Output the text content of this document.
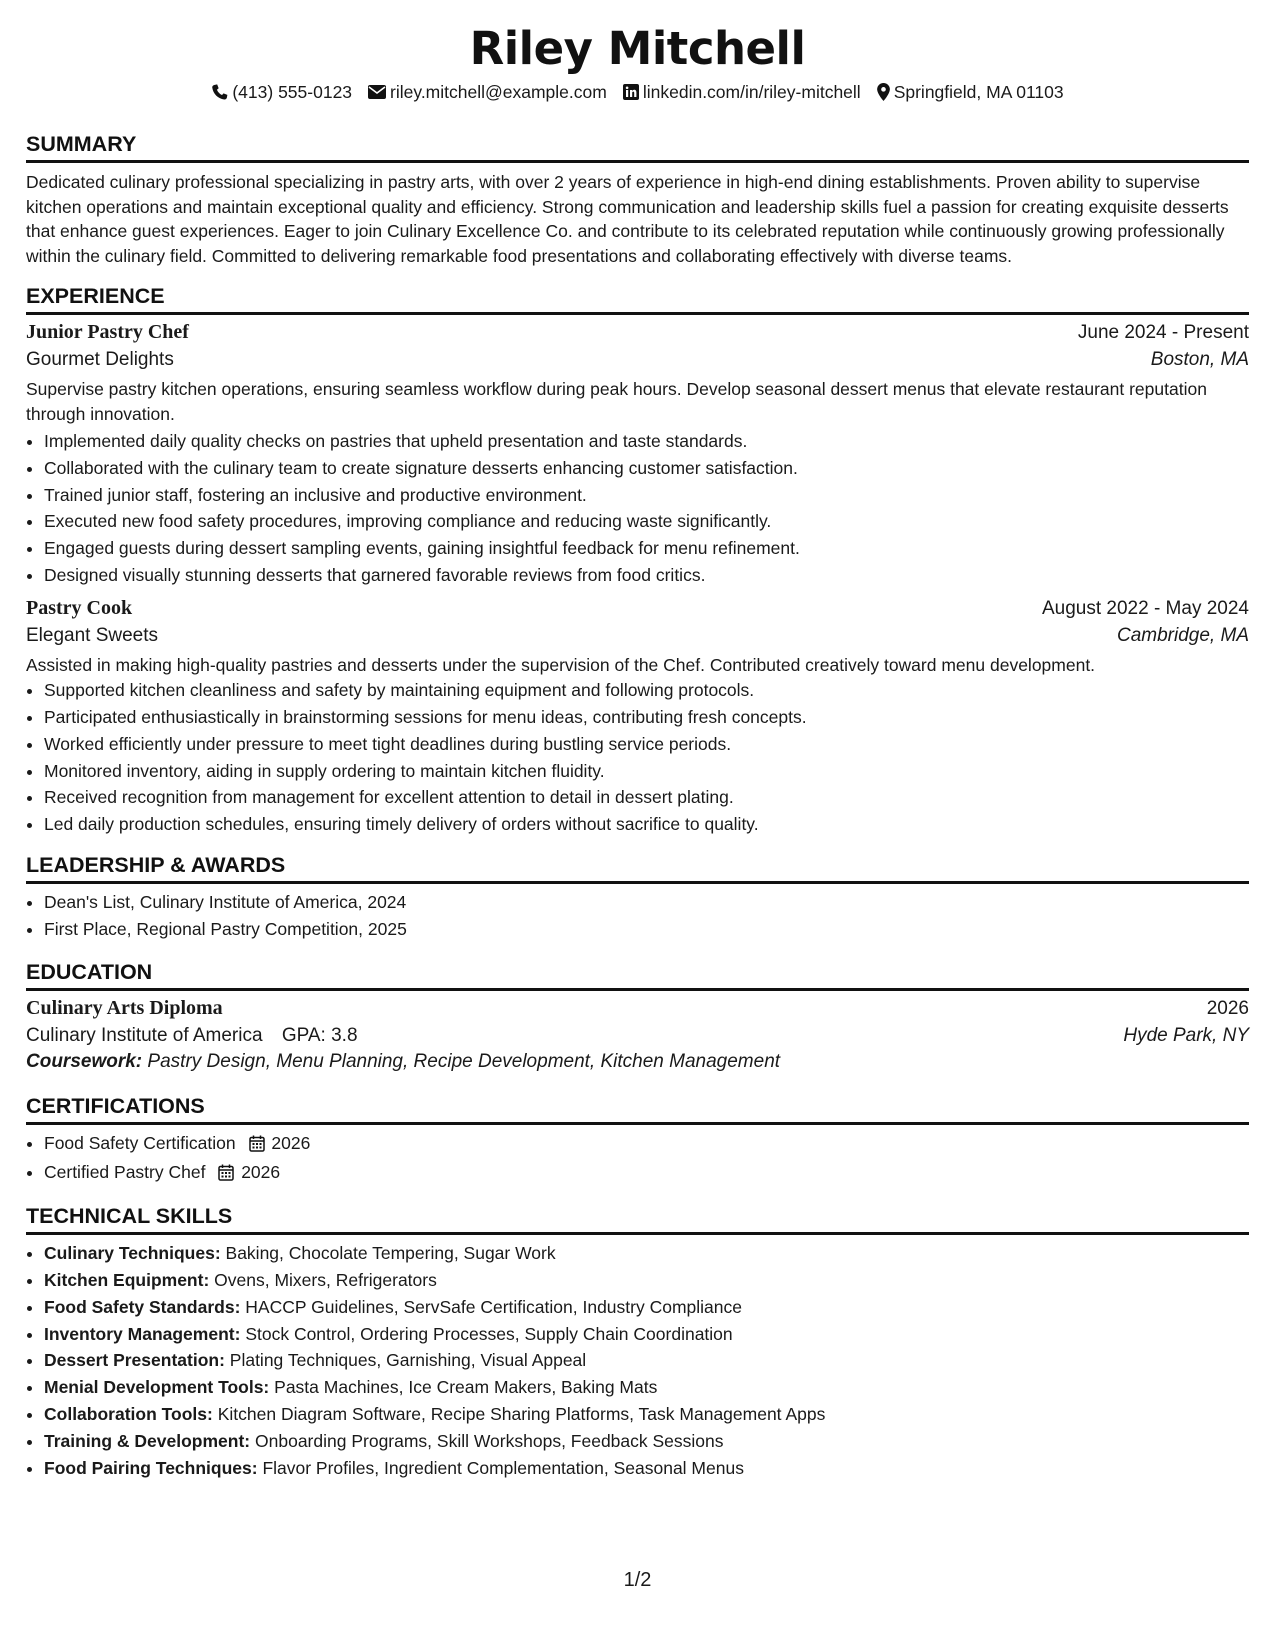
Riley Mitchell
(413) 555-0123 riley.mitchell@example.com linkedin.com/in/riley-mitchell Springfield, MA 01103
SUMMARY

Dedicated culinary professional specializing in pastry arts, with over 2 years of experience in high-end dining establishments. Proven ability to supervise kitchen operations and maintain exceptional quality and efficiency. Strong communication and leadership skills fuel a passion for creating exquisite desserts that enhance guest experiences. Eager to join Culinary Excellence Co. and contribute to its celebrated reputation while continuously growing professionally within the culinary field. Committed to delivering remarkable food presentations and collaborating effectively with diverse teams.

EXPERIENCE
Junior Pastry Chef	June 2024 - Present
Gourmet Delights	Boston, MA

Supervise pastry kitchen operations, ensuring seamless workflow during peak hours. Develop seasonal dessert menus that elevate restaurant reputation through innovation.

• Implemented daily quality checks on pastries that upheld presentation and taste standards.
• Collaborated with the culinary team to create signature desserts enhancing customer satisfaction.
• Trained junior staff, fostering an inclusive and productive environment.
• Executed new food safety procedures, improving compliance and reducing waste significantly.
• Engaged guests during dessert sampling events, gaining insightful feedback for menu refinement.
• Designed visually stunning desserts that garnered favorable reviews from food critics.
Pastry Cook	August 2022 - May 2024
Elegant Sweets	Cambridge, MA

Assisted in making high-quality pastries and desserts under the supervision of the Chef. Contributed creatively toward menu development.

• Supported kitchen cleanliness and safety by maintaining equipment and following protocols.
• Participated enthusiastically in brainstorming sessions for menu ideas, contributing fresh concepts.
• Worked efficiently under pressure to meet tight deadlines during bustling service periods.
• Monitored inventory, aiding in supply ordering to maintain kitchen fluidity.
• Received recognition from management for excellent attention to detail in dessert plating.
• Led daily production schedules, ensuring timely delivery of orders without sacrifice to quality.
LEADERSHIP & AWARDS
• Dean's List, Culinary Institute of America, 2024
• First Place, Regional Pastry Competition, 2025
EDUCATION
Culinary Arts Diploma	2026
Culinary Institute of America GPA: 3.8	Hyde Park, NY
Coursework: Pastry Design, Menu Planning, Recipe Development, Kitchen Management
CERTIFICATIONS
• Food Safety Certification 2026
• Certified Pastry Chef 2026
TECHNICAL SKILLS
• Culinary Techniques: Baking, Chocolate Tempering, Sugar Work
• Kitchen Equipment: Ovens, Mixers, Refrigerators
• Food Safety Standards: HACCP Guidelines, ServSafe Certification, Industry Compliance
• Inventory Management: Stock Control, Ordering Processes, Supply Chain Coordination
• Dessert Presentation: Plating Techniques, Garnishing, Visual Appeal
• Menial Development Tools: Pasta Machines, Ice Cream Makers, Baking Mats
• Collaboration Tools: Kitchen Diagram Software, Recipe Sharing Platforms, Task Management Apps
• Training & Development: Onboarding Programs, Skill Workshops, Feedback Sessions
• Food Pairing Techniques: Flavor Profiles, Ingredient Complementation, Seasonal Menus
1/2
